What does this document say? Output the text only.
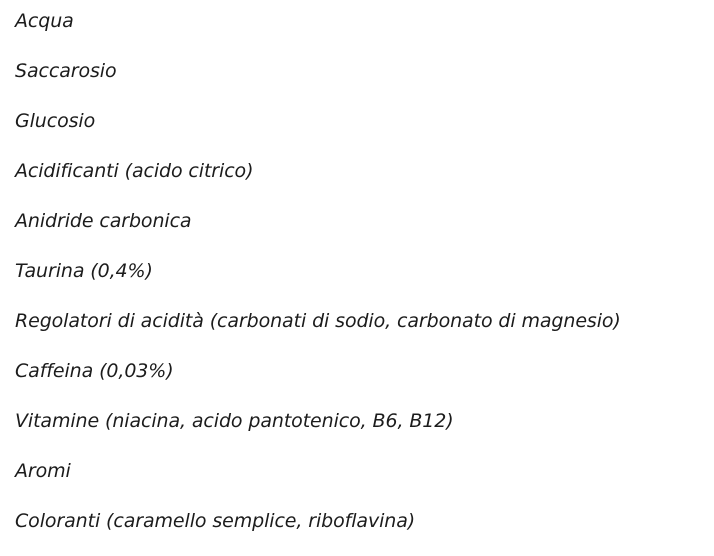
Acqua
Saccarosio
Glucosio
Acidificanti (acido citrico)
Anidride carbonica
Taurina (0,4%)
Regolatori di acidità (carbonati di sodio, carbonato di magnesio)
Caffeina (0,03%)
Vitamine (niacina, acido pantotenico, B6, B12)
Aromi
Coloranti (caramello semplice, riboflavina)
